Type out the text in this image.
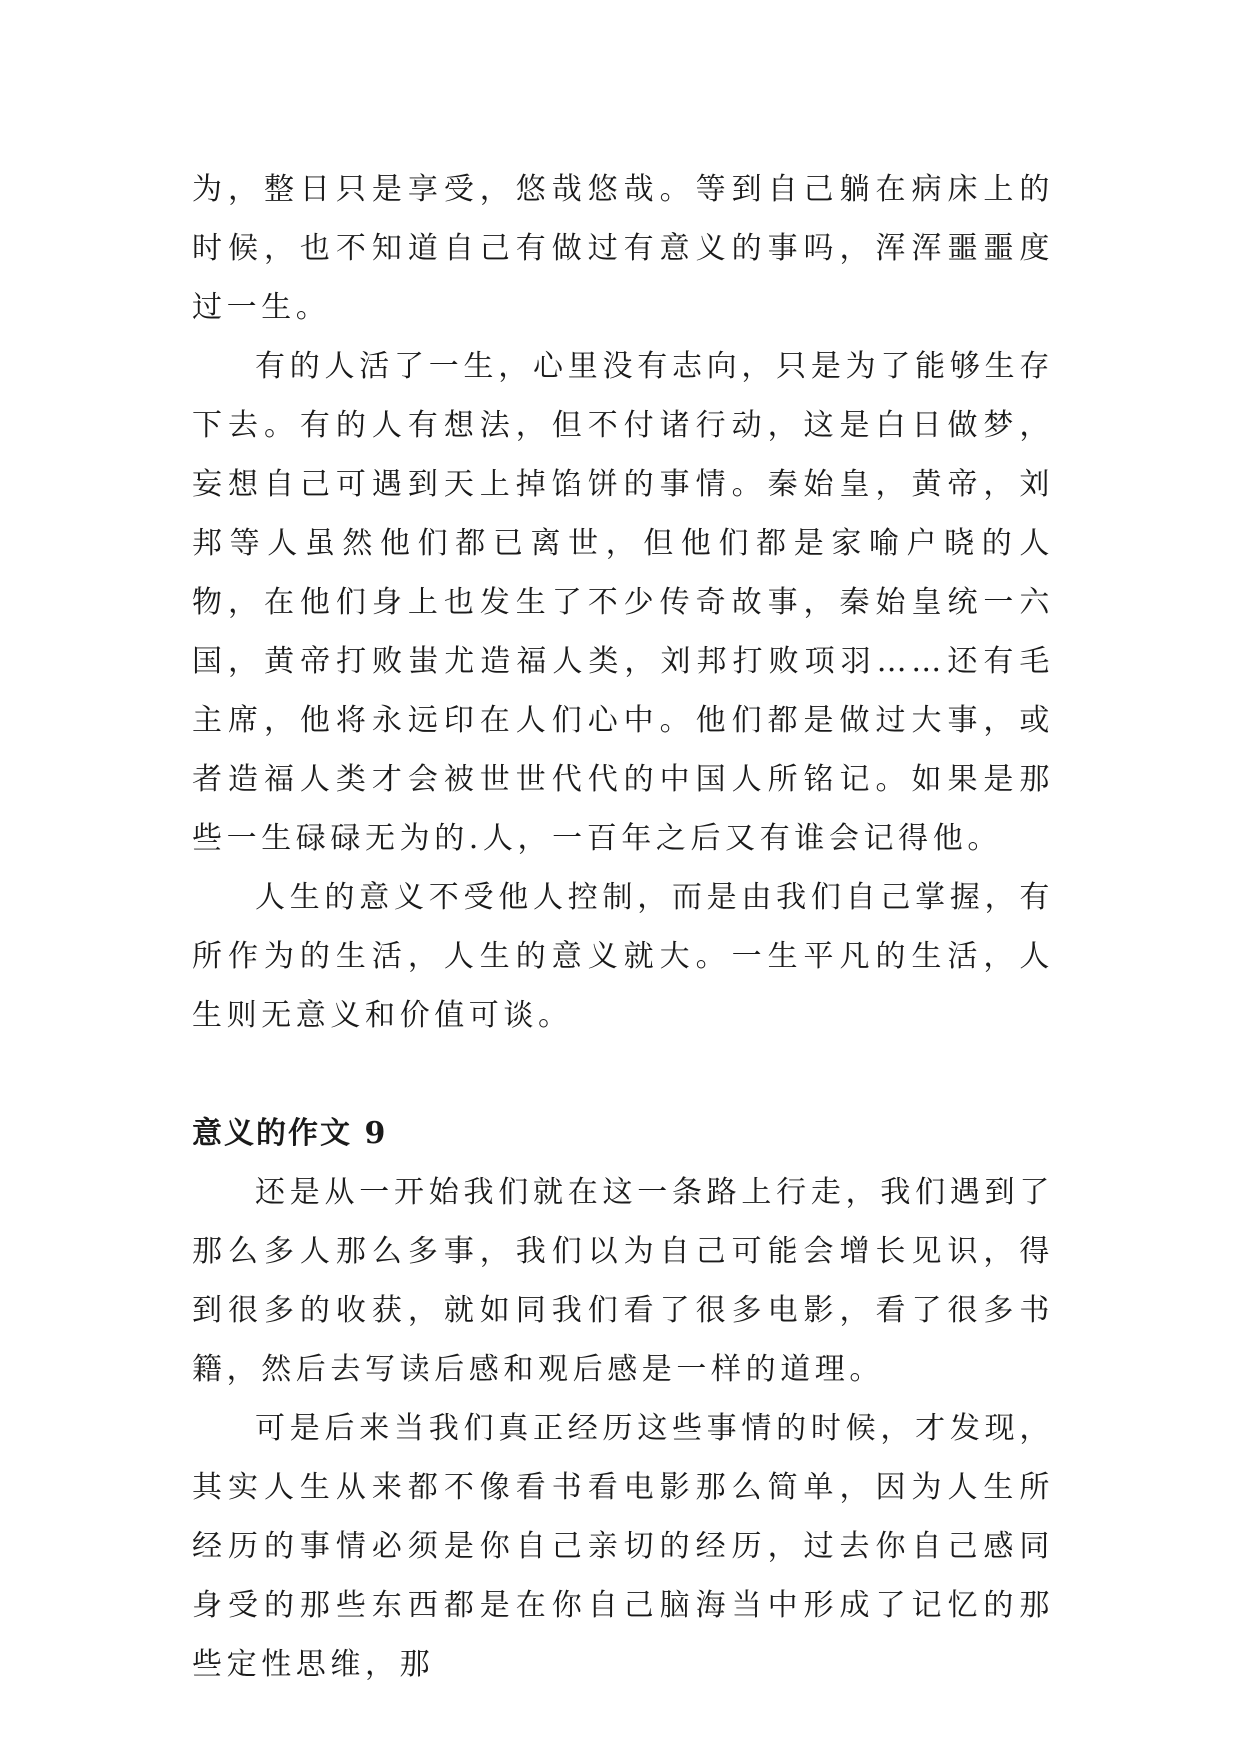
为，整日只是享受，悠哉悠哉。等到自己躺在病床上的时候，也不知道自己有做过有意义的事吗，浑浑噩噩度过一生。

有的人活了一生，心里没有志向，只是为了能够生存下去。有的人有想法，但不付诸行动，这是白日做梦，妄想自己可遇到天上掉馅饼的事情。秦始皇，黄帝，刘邦等人虽然他们都已离世，但他们都是家喻户晓的人物，在他们身上也发生了不少传奇故事，秦始皇统一六国，黄帝打败蚩尤造福人类，刘邦打败项羽……还有毛主席，他将永远印在人们心中。他们都是做过大事，或者造福人类才会被世世代代的中国人所铭记。如果是那些一生碌碌无为的.人，一百年之后又有谁会记得他。

人生的意义不受他人控制，而是由我们自己掌握，有所作为的生活，人生的意义就大。一生平凡的生活，人生则无意义和价值可谈。

意义的作文 9

还是从一开始我们就在这一条路上行走，我们遇到了那么多人那么多事，我们以为自己可能会增长见识，得到很多的收获，就如同我们看了很多电影，看了很多书籍，然后去写读后感和观后感是一样的道理。

可是后来当我们真正经历这些事情的时候，才发现，其实人生从来都不像看书看电影那么简单，因为人生所经历的事情必须是你自己亲切的经历，过去你自己感同身受的那些东西都是在你自己脑海当中形成了记忆的那些定性思维，那
